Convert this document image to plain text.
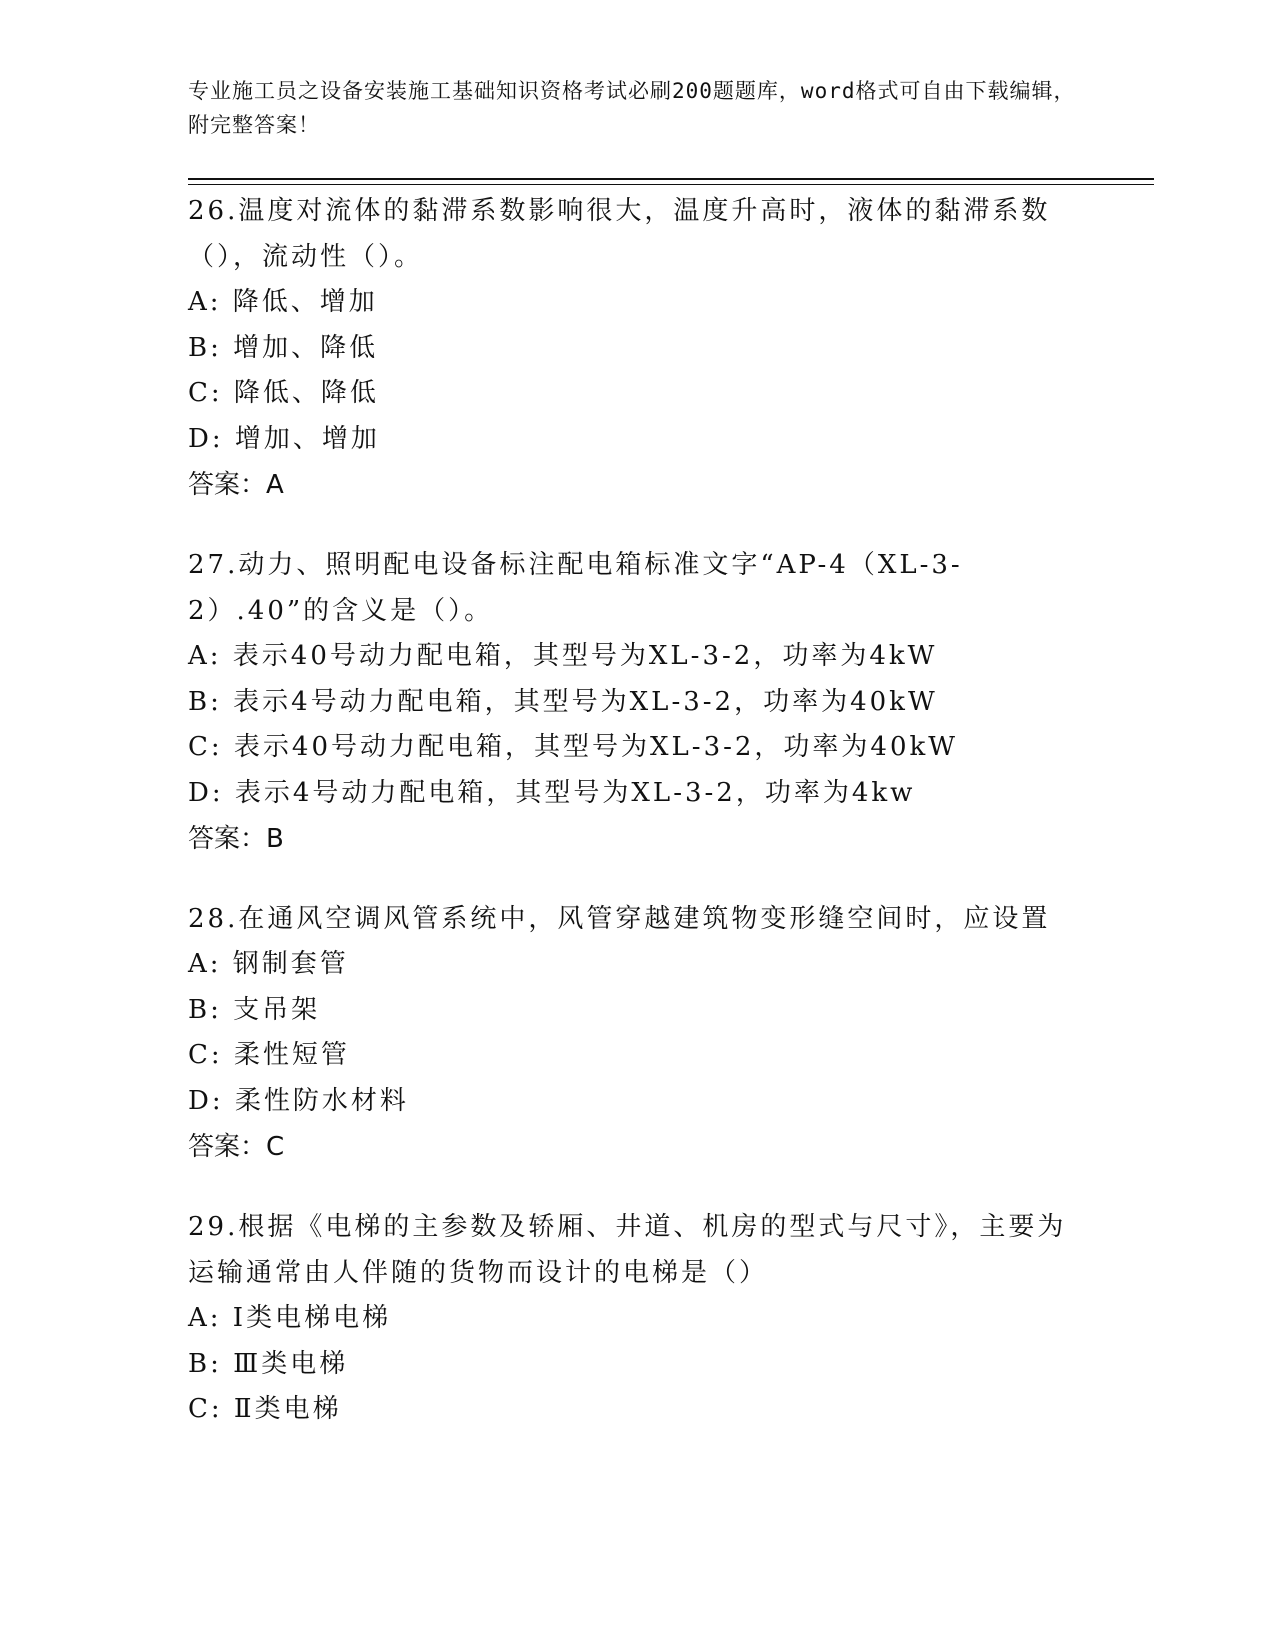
专业施工员之设备安装施工基础知识资格考试必刷200题题库，word格式可自由下载编辑，附完整答案！

26.温度对流体的黏滞系数影响很大，温度升高时，液体的黏滞系数（），流动性（）。

A: 降低、增加

B: 增加、降低

C: 降低、降低

D: 增加、增加

答案：A

27.动力、照明配电设备标注配电箱标准文字“AP-4（XL-3-2）.40”的含义是（）。

A: 表示40号动力配电箱，其型号为XL-3-2，功率为4kW

B: 表示4号动力配电箱，其型号为XL-3-2，功率为40kW

C: 表示40号动力配电箱，其型号为XL-3-2，功率为40kW

D: 表示4号动力配电箱，其型号为XL-3-2，功率为4kw

答案：B

28.在通风空调风管系统中，风管穿越建筑物变形缝空间时，应设置

A: 钢制套管

B: 支吊架

C: 柔性短管

D: 柔性防水材料

答案：C

29.根据《电梯的主参数及轿厢、井道、机房的型式与尺寸》，主要为运输通常由人伴随的货物而设计的电梯是（）

A: Ⅰ类电梯电梯

B: Ⅲ类电梯

C: Ⅱ类电梯
